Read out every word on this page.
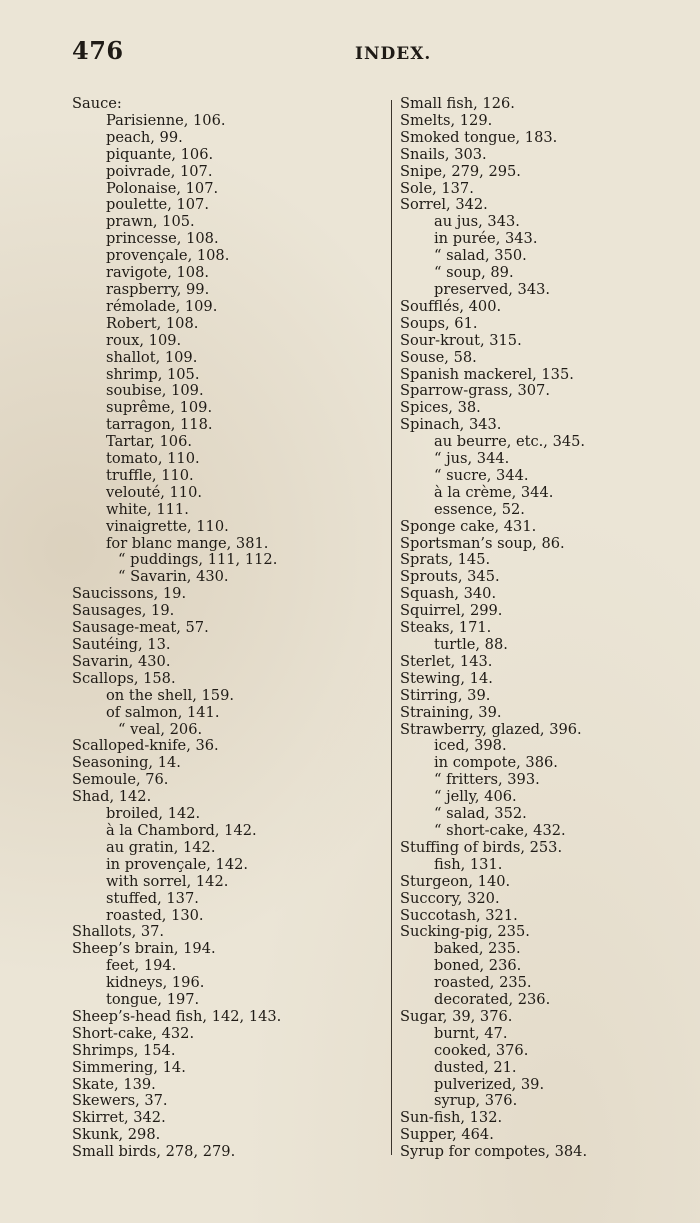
476	INDEX.
Sauce:
Parisienne, 106.
peach, 99.
piquante, 106.
poivrade, 107.
Polonaise, 107.
poulette, 107.
prawn, 105.
princesse, 108.
provençale, 108.
ravigote, 108.
raspberry, 99.
rémolade, 109.
Robert, 108.
roux, 109.
shallot, 109.
shrimp, 105.
soubise, 109.
suprême, 109.
tarragon, 118.
Tartar, 106.
tomato, 110.
truffle, 110.
velouté, 110.
white, 111.
vinaigrette, 110.
for blanc mange, 381.
“ puddings, 111, 112.
“ Savarin, 430.
Saucissons, 19.
Sausages, 19.
Sausage-meat, 57.
Sautéing, 13.
Savarin, 430.
Scallops, 158.
on the shell, 159.
of salmon, 141.
“ veal, 206.
Scalloped-knife, 36.
Seasoning, 14.
Semoule, 76.
Shad, 142.
broiled, 142.
à la Chambord, 142.
au gratin, 142.
in provençale, 142.
with sorrel, 142.
stuffed, 137.
roasted, 130.
Shallots, 37.
Sheep’s brain, 194.
feet, 194.
kidneys, 196.
tongue, 197.
Sheep’s-head fish, 142, 143.
Short-cake, 432.
Shrimps, 154.
Simmering, 14.
Skate, 139.
Skewers, 37.
Skirret, 342.
Skunk, 298.
Small birds, 278, 279.
Small fish, 126.
Smelts, 129.
Smoked tongue, 183.
Snails, 303.
Snipe, 279, 295.
Sole, 137.
Sorrel, 342.
au jus, 343.
in purée, 343.
“ salad, 350.
“ soup, 89.
preserved, 343.
Soufflés, 400.
Soups, 61.
Sour-krout, 315.
Souse, 58.
Spanish mackerel, 135.
Sparrow-grass, 307.
Spices, 38.
Spinach, 343.
au beurre, etc., 345.
“ jus, 344.
“ sucre, 344.
à la crème, 344.
essence, 52.
Sponge cake, 431.
Sportsman’s soup, 86.
Sprats, 145.
Sprouts, 345.
Squash, 340.
Squirrel, 299.
Steaks, 171.
turtle, 88.
Sterlet, 143.
Stewing, 14.
Stirring, 39.
Straining, 39.
Strawberry, glazed, 396.
iced, 398.
in compote, 386.
“ fritters, 393.
“ jelly, 406.
“ salad, 352.
“ short-cake, 432.
Stuffing of birds, 253.
fish, 131.
Sturgeon, 140.
Succory, 320.
Succotash, 321.
Sucking-pig, 235.
baked, 235.
boned, 236.
roasted, 235.
decorated, 236.
Sugar, 39, 376.
burnt, 47.
cooked, 376.
dusted, 21.
pulverized, 39.
syrup, 376.
Sun-fish, 132.
Supper, 464.
Syrup for compotes, 384.
